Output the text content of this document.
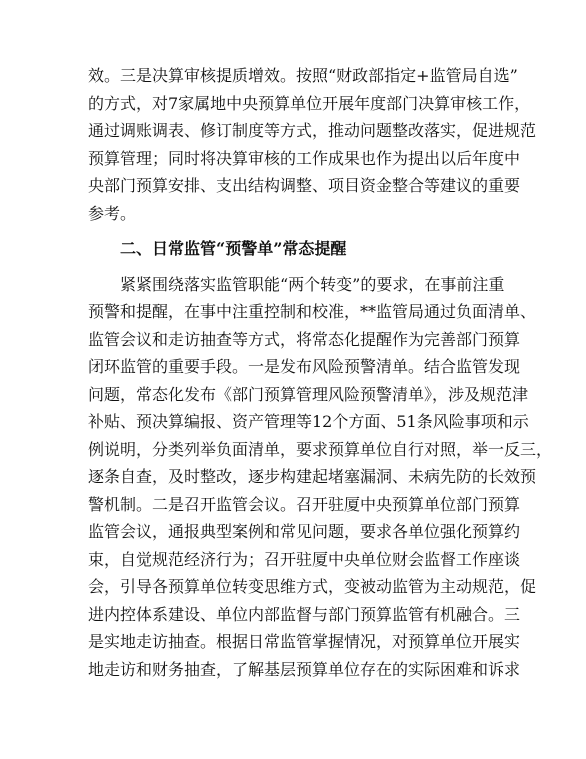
效。三是决算审核提质增效。按照“财政部指定+监管局自选”
的方式，对7家属地中央预算单位开展年度部门决算审核工作，
通过调账调表、修订制度等方式，推动问题整改落实，促进规范
预算管理；同时将决算审核的工作成果也作为提出以后年度中
央部门预算安排、支出结构调整、项目资金整合等建议的重要
参考。
二、日常监管“预警单”常态提醒
紧紧围绕落实监管职能“两个转变”的要求，在事前注重
预警和提醒，在事中注重控制和校准，**监管局通过负面清单、
监管会议和走访抽查等方式，将常态化提醒作为完善部门预算
闭环监管的重要手段。一是发布风险预警清单。结合监管发现
问题，常态化发布《部门预算管理风险预警清单》，涉及规范津
补贴、预决算编报、资产管理等12个方面、51条风险事项和示
例说明，分类列举负面清单，要求预算单位自行对照，举一反三，
逐条自查，及时整改，逐步构建起堵塞漏洞、未病先防的长效预
警机制。二是召开监管会议。召开驻厦中央预算单位部门预算
监管会议，通报典型案例和常见问题，要求各单位强化预算约
束，自觉规范经济行为；召开驻厦中央单位财会监督工作座谈
会，引导各预算单位转变思维方式，变被动监管为主动规范，促
进内控体系建设、单位内部监督与部门预算监管有机融合。三
是实地走访抽查。根据日常监管掌握情况，对预算单位开展实
地走访和财务抽查，了解基层预算单位存在的实际困难和诉求
